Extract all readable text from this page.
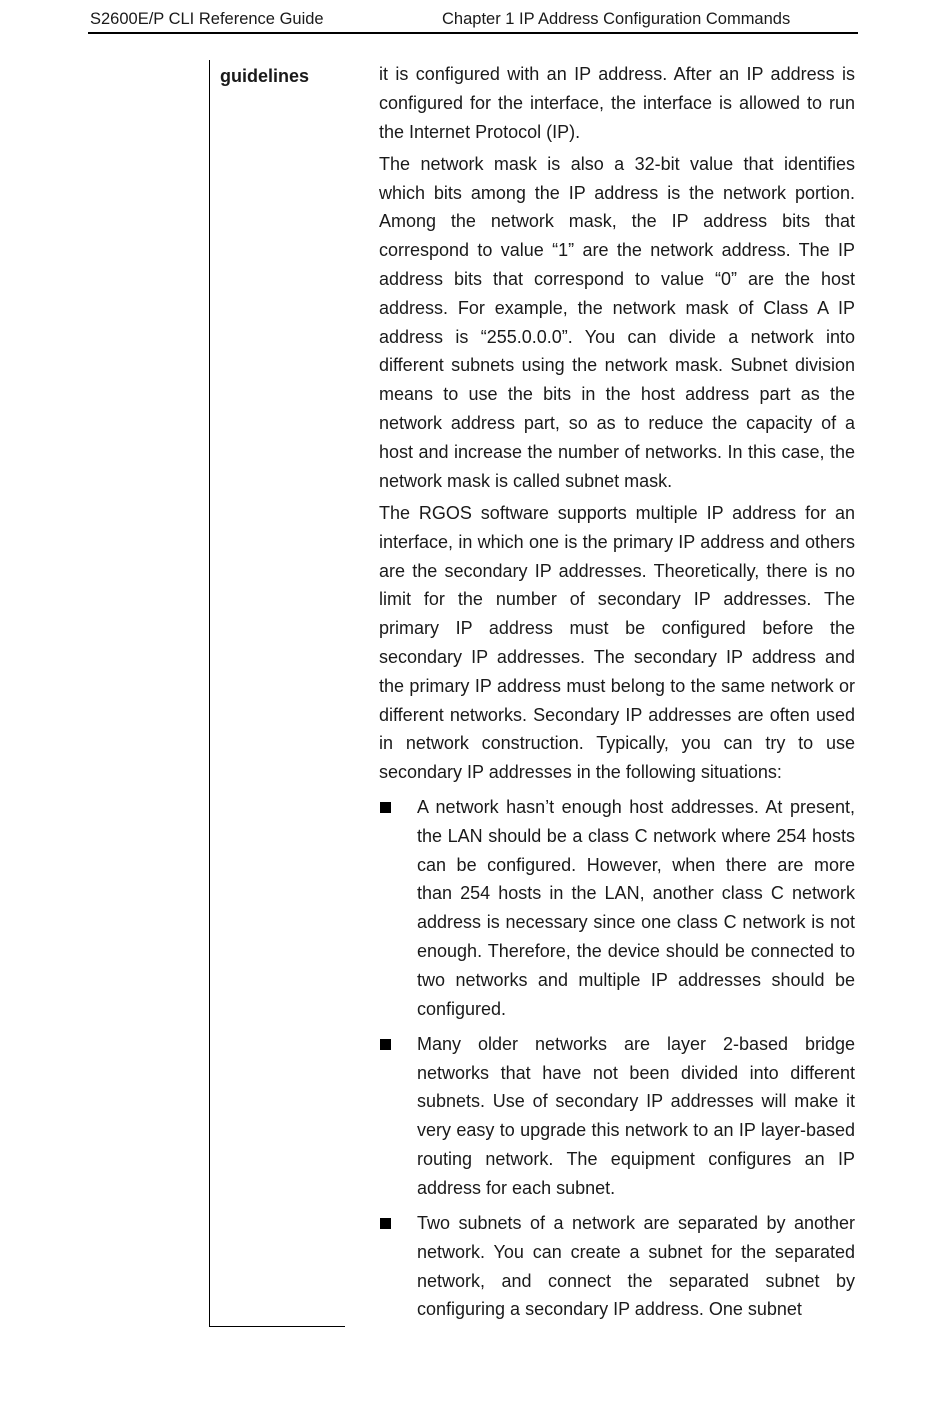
S2600E/P CLI Reference Guide	Chapter 1 IP Address Configuration Commands
guidelines	it is configured with an IP address. After an IP address is configured for the interface, the interface is allowed to run the Internet Protocol (IP).

The network mask is also a 32-bit value that identifies which bits among the IP address is the network portion. Among the network mask, the IP address bits that correspond to value “1” are the network address. The IP address bits that correspond to value “0” are the host address. For example, the network mask of Class A IP address is “255.0.0.0”. You can divide a network into different subnets using the network mask. Subnet division means to use the bits in the host address part as the network address part, so as to reduce the capacity of a host and increase the number of networks. In this case, the network mask is called subnet mask.

The RGOS software supports multiple IP address for an interface, in which one is the primary IP address and others are the secondary IP addresses. Theoretically, there is no limit for the number of secondary IP addresses. The primary IP address must be configured before the secondary IP addresses. The secondary IP address and the primary IP address must belong to the same network or different networks. Secondary IP addresses are often used in network construction. Typically, you can try to use secondary IP addresses in the following situations:

A network hasn’t enough host addresses. At present, the LAN should be a class C network where 254 hosts can be configured. However, when there are more than 254 hosts in the LAN, another class C network address is necessary since one class C network is not enough. Therefore, the device should be connected to two networks and multiple IP addresses should be configured.
Many older networks are layer 2-based bridge networks that have not been divided into different subnets. Use of secondary IP addresses will make it very easy to upgrade this network to an IP layer-based routing network. The equipment configures an IP address for each subnet.
Two subnets of a network are separated by another network. You can create a subnet for the separated network, and connect the separated subnet by configuring a secondary IP address. One subnet
